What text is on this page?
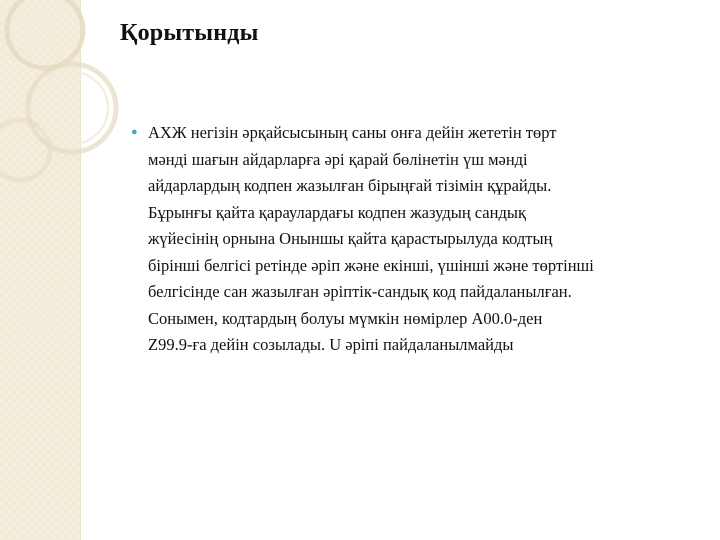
Қорытынды
● АХЖ негізін әрқайсысының саны онға дейін жететін төрт
мәнді шағын айдарларға әрі қарай бөлінетін үш мәнді
айдарлардың кодпен жазылған бірыңғай тізімін құрайды.
Бұрынғы қайта қараулардағы кодпен жазудың сандық
жүйесінің орнына Оныншы қайта қарастырылуда кодтың
бірінші белгісі ретінде әріп және екінші, үшінші және төртінші
белгісінде сан жазылған әріптік-сандық код пайдаланылған.
Сонымен, кодтардың болуы мүмкін нөмірлер А00.0-ден
Z99.9-ға дейін созылады. U әріпі пайдаланылмайды
